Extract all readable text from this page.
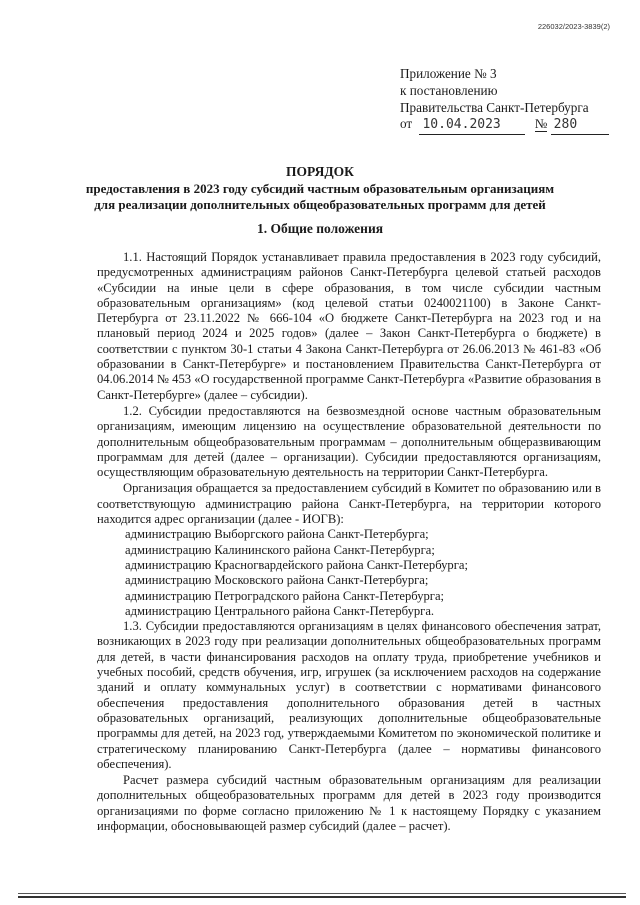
226032/2023-3839(2)
Приложение № 3
к постановлению
Правительства Санкт-Петербурга
от 10.04.2023	№ 280
ПОРЯДОК
предоставления в 2023 году субсидий частным образовательным организациям
для реализации дополнительных общеобразовательных программ для детей
1. Общие положения

1.1. Настоящий Порядок устанавливает правила предоставления в 2023 году субсидий, предусмотренных администрациям районов Санкт-Петербурга целевой статьей расходов «Субсидии на иные цели в сфере образования, в том числе субсидии частным образовательным организациям» (код целевой статьи 0240021100) в Законе Санкт-Петербурга от 23.11.2022 № 666-104 «О бюджете Санкт-Петербурга на 2023 год и на плановый период 2024 и 2025 годов» (далее – Закон Санкт-Петербурга о бюджете) в соответствии с пунктом 30-1 статьи 4 Закона Санкт-Петербурга от 26.06.2013 № 461-83 «Об образовании в Санкт-Петербурге» и постановлением Правительства Санкт-Петербурга от 04.06.2014 № 453 «О государственной программе Санкт-Петербурга «Развитие образования в Санкт-Петербурге» (далее – субсидии).

1.2. Субсидии предоставляются на безвозмездной основе частным образовательным организациям, имеющим лицензию на осуществление образовательной деятельности по дополнительным общеобразовательным программам – дополнительным общеразвивающим программам для детей (далее – организации). Субсидии предоставляются организациям, осуществляющим образовательную деятельность на территории Санкт-Петербурга.

Организация обращается за предоставлением субсидий в Комитет по образованию или в соответствующую администрацию района Санкт-Петербурга, на территории которого находится адрес организации (далее - ИОГВ):

администрацию Выборгского района Санкт-Петербурга;

администрацию Калининского района Санкт-Петербурга;

администрацию Красногвардейского района Санкт-Петербурга;

администрацию Московского района Санкт-Петербурга;

администрацию Петроградского района Санкт-Петербурга;

администрацию Центрального района Санкт-Петербурга.

1.3. Субсидии предоставляются организациям в целях финансового обеспечения затрат, возникающих в 2023 году при реализации дополнительных общеобразовательных программ для детей, в части финансирования расходов на оплату труда, приобретение учебников и учебных пособий, средств обучения, игр, игрушек (за исключением расходов на содержание зданий и оплату коммунальных услуг) в соответствии с нормативами финансового обеспечения предоставления дополнительного образования детей в частных образовательных организаций, реализующих дополнительные общеобразовательные программы для детей, на 2023 год, утверждаемыми Комитетом по экономической политике и стратегическому планированию Санкт-Петербурга (далее – нормативы финансового обеспечения).

Расчет размера субсидий частным образовательным организациям для реализации дополнительных общеобразовательных программ для детей в 2023 году производится организациями по форме согласно приложению № 1 к настоящему Порядку с указанием информации, обосновывающей размер субсидий (далее – расчет).
